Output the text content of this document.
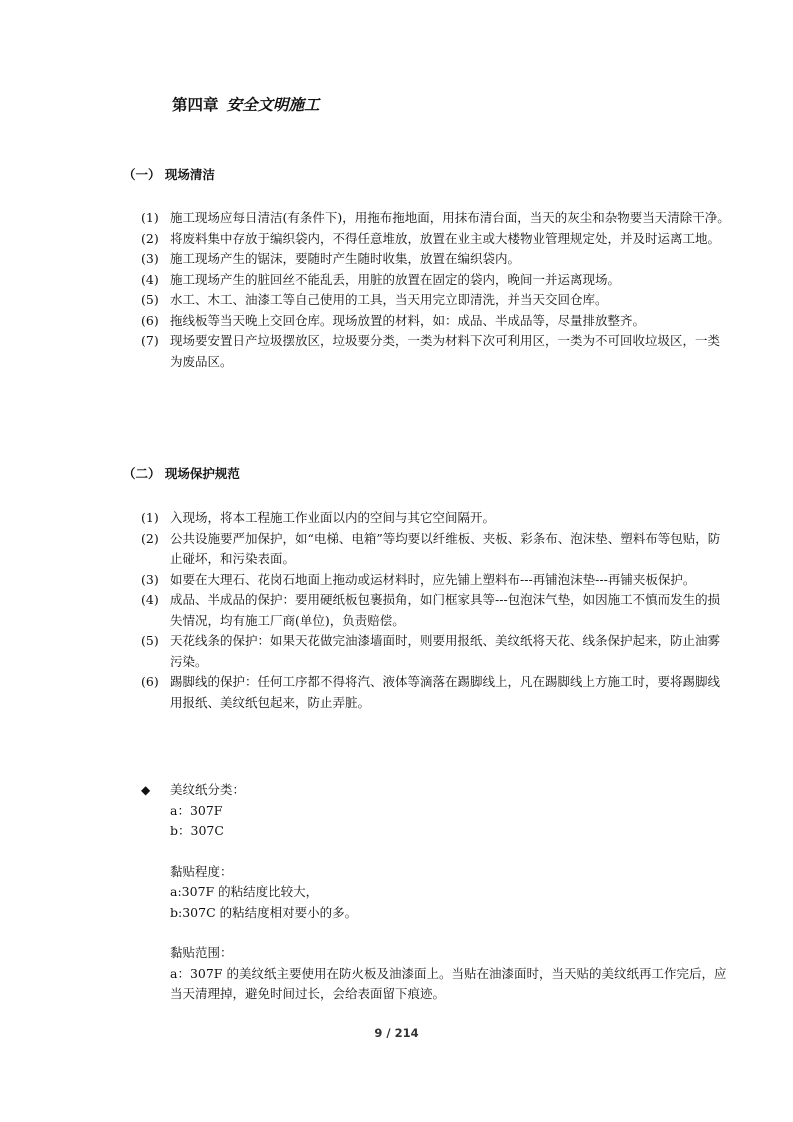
第四章 安全文明施工
（一） 现场清洁
(1) 施工现场应每日清洁(有条件下)，用拖布拖地面，用抹布清台面，当天的灰尘和杂物要当天清除干净。
(2) 将废料集中存放于编织袋内，不得任意堆放，放置在业主或大楼物业管理规定处，并及时运离工地。
(3) 施工现场产生的锯沫，要随时产生随时收集，放置在编织袋内。
(4) 施工现场产生的脏回丝不能乱丢，用脏的放置在固定的袋内，晚间一并运离现场。
(5) 水工、木工、油漆工等自己使用的工具，当天用完立即清洗，并当天交回仓库。
(6) 拖线板等当天晚上交回仓库。现场放置的材料，如：成品、半成品等，尽量排放整齐。
(7) 现场要安置日产垃圾摆放区，垃圾要分类，一类为材料下次可利用区，一类为不可回收垃圾区，一类为废品区。
（二） 现场保护规范
(1) 入现场，将本工程施工作业面以内的空间与其它空间隔开。
(2) 公共设施要严加保护，如“电梯、电箱”等均要以纤维板、夹板、彩条布、泡沫垫、塑料布等包贴，防止碰坏，和污染表面。
(3) 如要在大理石、花岗石地面上拖动或运材料时，应先铺上塑料布---再铺泡沫垫---再铺夹板保护。
(4) 成品、半成品的保护：要用硬纸板包裹损角，如门框家具等---包泡沫气垫，如因施工不慎而发生的损失情况，均有施工厂商(单位)，负责赔偿。
(5) 天花线条的保护：如果天花做完油漆墙面时，则要用报纸、美纹纸将天花、线条保护起来，防止油雾污染。
(6) 踢脚线的保护：任何工序都不得将汽、液体等滴落在踢脚线上，凡在踢脚线上方施工时，要将踢脚线用报纸、美纹纸包起来，防止弄脏。
◆	美纹纸分类：
a：307F
b：307C
黏贴程度：
a:307F 的粘结度比较大，
b:307C 的粘结度相对要小的多。
黏贴范围：
a：307F 的美纹纸主要使用在防火板及油漆面上。当贴在油漆面时，当天贴的美纹纸再工作完后，应当天清理掉，避免时间过长，会给表面留下痕迹。
9 / 214
